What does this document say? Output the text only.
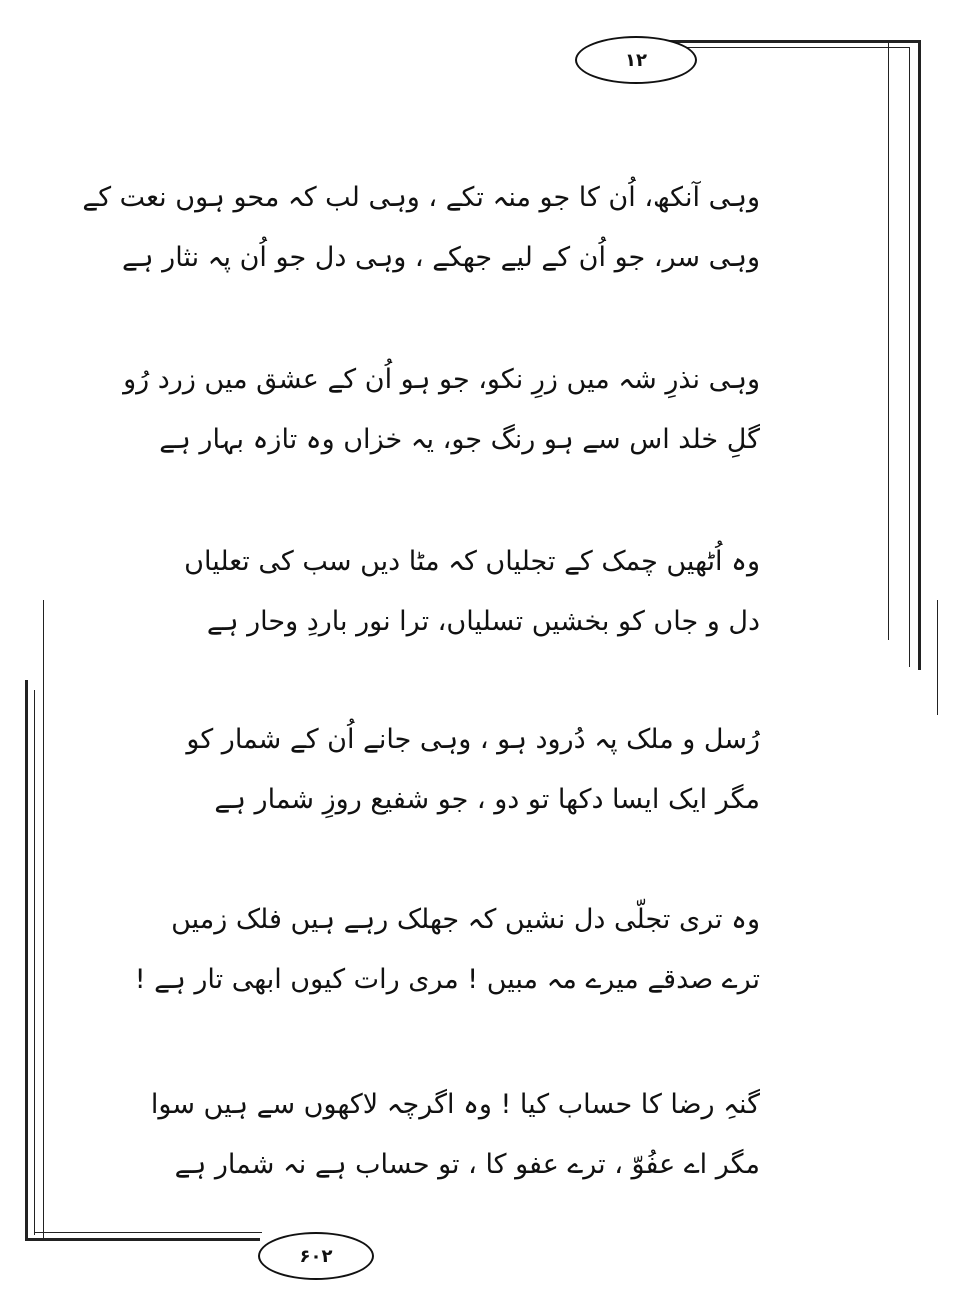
۱۲
۶۰۲
وہی آنکھ، اُن کا جو منہ تکے ، وہی لب کہ محو ہوں نعت کے
وہی سر، جو اُن کے لیے جھکے ، وہی دل جو اُن پہ نثار ہے
وہی نذرِ شہ میں زرِ نکو، جو ہو اُن کے عشق میں زرد رُو
گلِ خلد اس سے ہو رنگ جو، یہ خزاں وہ تازہ بہار ہے
وہ اُٹھیں چمک کے تجلیاں کہ مٹا دیں سب کی تعلیاں
دل و جاں کو بخشیں تسلیاں، ترا نور باردِ وحار ہے
رُسل و ملک پہ دُرود ہو ، وہی جانے اُن کے شمار کو
مگر ایک ایسا دکھا تو دو ، جو شفیع روزِ شمار ہے
وہ تری تجلّی دل نشیں کہ جھلک رہے ہیں فلک زمیں
ترے صدقے میرے مہ مبیں ! مری رات کیوں ابھی تار ہے !
گنہِ رضا کا حساب کیا ! وہ اگرچہ لاکھوں سے ہیں سوا
مگر اے عفُوّ ، ترے عفو کا ، تو حساب ہے نہ شمار ہے
